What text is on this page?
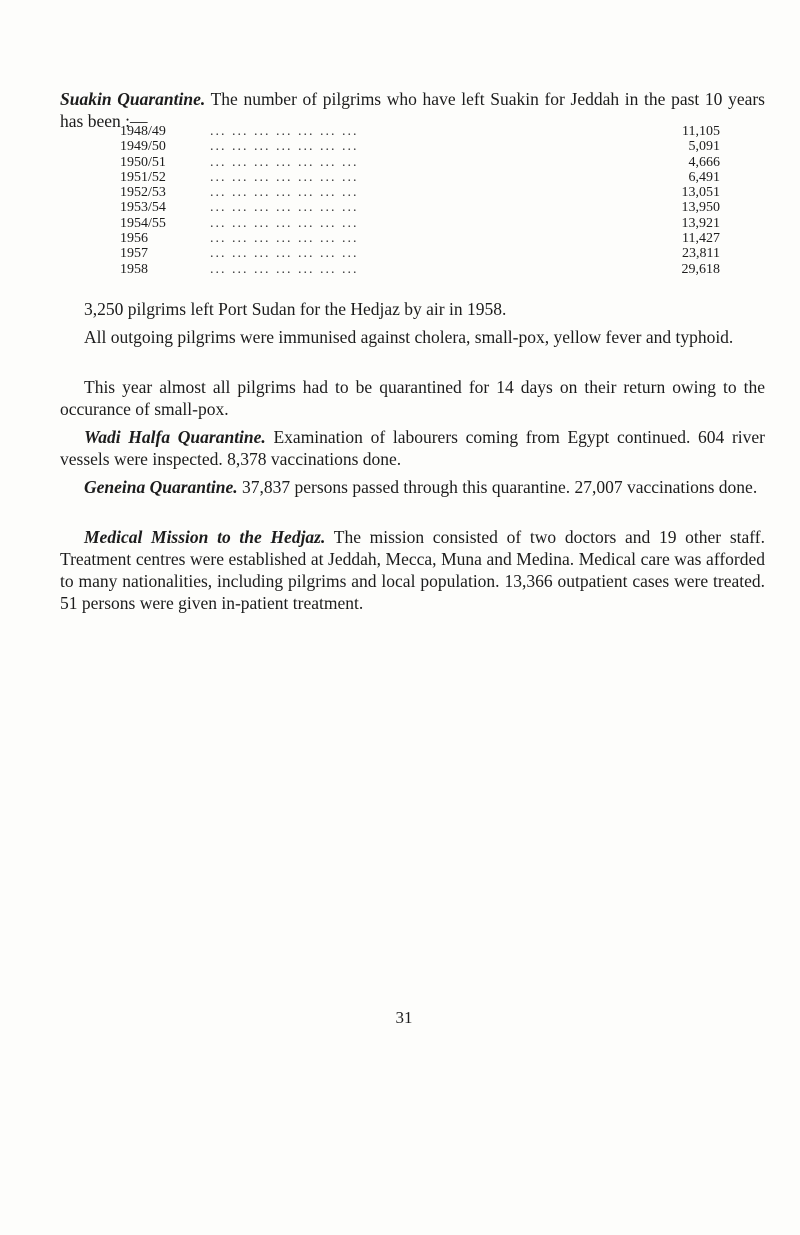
Suakin Quarantine. The number of pilgrims who have left Suakin for Jeddah in the past 10 years has been :—

1948/49	... ... ... ... ... ... ...	11,105
1949/50	... ... ... ... ... ... ...	5,091
1950/51	... ... ... ... ... ... ...	4,666
1951/52	... ... ... ... ... ... ...	6,491
1952/53	... ... ... ... ... ... ...	13,051
1953/54	... ... ... ... ... ... ...	13,950
1954/55	... ... ... ... ... ... ...	13,921
1956	... ... ... ... ... ... ...	11,427
1957	... ... ... ... ... ... ...	23,811
1958	... ... ... ... ... ... ...	29,618

3,250 pilgrims left Port Sudan for the Hedjaz by air in 1958.

All outgoing pilgrims were immunised against cholera, small-pox, yellow fever and typhoid.

This year almost all pilgrims had to be quarantined for 14 days on their return owing to the occurance of small-pox.

Wadi Halfa Quarantine. Examination of labourers coming from Egypt continued. 604 river vessels were inspected. 8,378 vaccinations done.

Geneina Quarantine. 37,837 persons passed through this quarantine. 27,007 vaccinations done.

Medical Mission to the Hedjaz. The mission consisted of two doctors and 19 other staff. Treatment centres were established at Jeddah, Mecca, Muna and Medina. Medical care was afforded to many nationalities, including pilgrims and local population. 13,366 outpatient cases were treated. 51 persons were given in-patient treatment.

31
